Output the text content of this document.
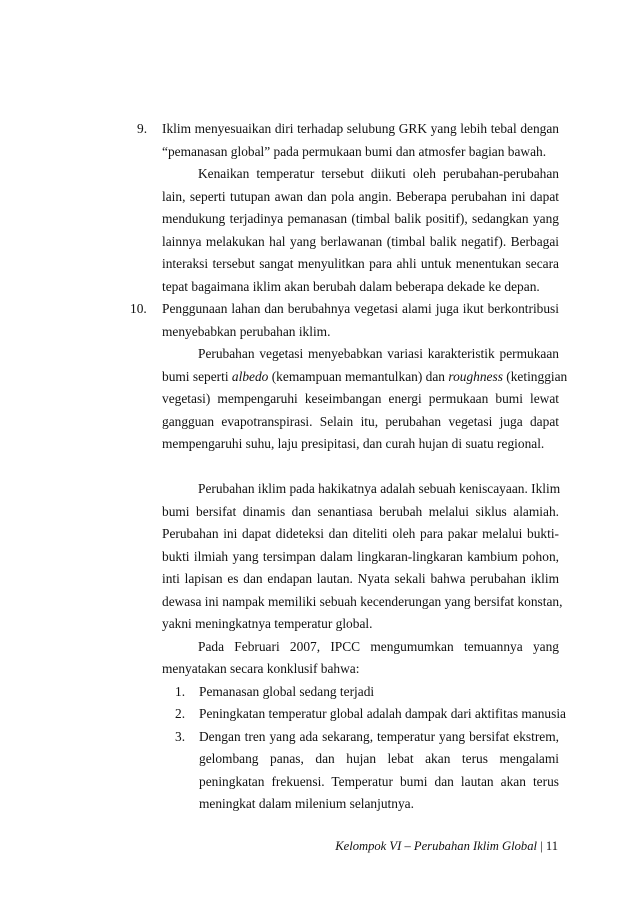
9. Iklim menyesuaikan diri terhadap selubung GRK yang lebih tebal dengan
“pemanasan global” pada permukaan bumi dan atmosfer bagian bawah.
Kenaikan temperatur tersebut diikuti oleh perubahan-perubahan
lain, seperti tutupan awan dan pola angin. Beberapa perubahan ini dapat
mendukung terjadinya pemanasan (timbal balik positif), sedangkan yang
lainnya melakukan hal yang berlawanan (timbal balik negatif). Berbagai
interaksi tersebut sangat menyulitkan para ahli untuk menentukan secara
tepat bagaimana iklim akan berubah dalam beberapa dekade ke depan.
10. Penggunaan lahan dan berubahnya vegetasi alami juga ikut berkontribusi
menyebabkan perubahan iklim.
Perubahan vegetasi menyebabkan variasi karakteristik permukaan
bumi seperti albedo (kemampuan memantulkan) dan roughness (ketinggian
vegetasi) mempengaruhi keseimbangan energi permukaan bumi lewat
gangguan evapotranspirasi. Selain itu, perubahan vegetasi juga dapat
mempengaruhi suhu, laju presipitasi, dan curah hujan di suatu regional.
Perubahan iklim pada hakikatnya adalah sebuah keniscayaan. Iklim
bumi bersifat dinamis dan senantiasa berubah melalui siklus alamiah.
Perubahan ini dapat dideteksi dan diteliti oleh para pakar melalui bukti-
bukti ilmiah yang tersimpan dalam lingkaran-lingkaran kambium pohon,
inti lapisan es dan endapan lautan. Nyata sekali bahwa perubahan iklim
dewasa ini nampak memiliki sebuah kecenderungan yang bersifat konstan,
yakni meningkatnya temperatur global.
Pada Februari 2007, IPCC mengumumkan temuannya yang
menyatakan secara konklusif bahwa:
1. Pemanasan global sedang terjadi
2. Peningkatan temperatur global adalah dampak dari aktifitas manusia
3. Dengan tren yang ada sekarang, temperatur yang bersifat ekstrem,
gelombang panas, dan hujan lebat akan terus mengalami
peningkatan frekuensi. Temperatur bumi dan lautan akan terus
meningkat dalam milenium selanjutnya.
Kelompok VI – Perubahan Iklim Global | 11
